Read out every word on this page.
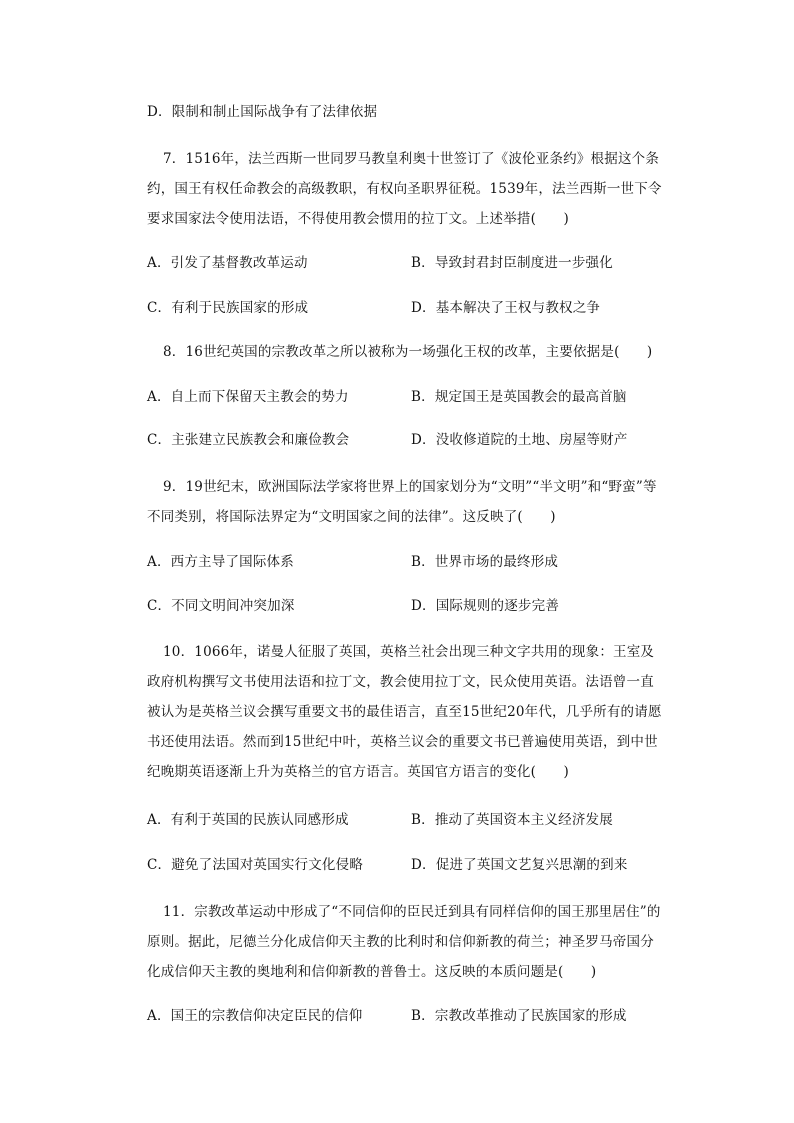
D．限制和制止国际战争有了法律依据
7．1516年，法兰西斯一世同罗马教皇利奥十世签订了《波伦亚条约》根据这个条约，国王有权任命教会的高级教职，有权向圣职界征税。1539年，法兰西斯一世下令要求国家法令使用法语，不得使用教会惯用的拉丁文。上述举措(　　)
A．引发了基督教改革运动	B．导致封君封臣制度进一步强化
C．有利于民族国家的形成	D．基本解决了王权与教权之争
8．16世纪英国的宗教改革之所以被称为一场强化王权的改革，主要依据是(　　)
A．自上而下保留天主教会的势力	B．规定国王是英国教会的最高首脑
C．主张建立民族教会和廉俭教会	D．没收修道院的土地、房屋等财产
9．19世纪末，欧洲国际法学家将世界上的国家划分为“文明”“半文明”和“野蛮”等不同类别，将国际法界定为“文明国家之间的法律”。这反映了(　　)
A．西方主导了国际体系	B．世界市场的最终形成
C．不同文明间冲突加深	D．国际规则的逐步完善
10．1066年，诺曼人征服了英国，英格兰社会出现三种文字共用的现象：王室及政府机构撰写文书使用法语和拉丁文，教会使用拉丁文，民众使用英语。法语曾一直被认为是英格兰议会撰写重要文书的最佳语言，直至15世纪20年代，几乎所有的请愿书还使用法语。然而到15世纪中叶，英格兰议会的重要文书已普遍使用英语，到中世纪晚期英语逐渐上升为英格兰的官方语言。英国官方语言的变化(　　)
A．有利于英国的民族认同感形成	B．推动了英国资本主义经济发展
C．避免了法国对英国实行文化侵略	D．促进了英国文艺复兴思潮的到来
11．宗教改革运动中形成了“不同信仰的臣民迁到具有同样信仰的国王那里居住”的原则。据此，尼德兰分化成信仰天主教的比利时和信仰新教的荷兰；神圣罗马帝国分化成信仰天主教的奥地利和信仰新教的普鲁士。这反映的本质问题是(　　)
A．国王的宗教信仰决定臣民的信仰	B．宗教改革推动了民族国家的形成
